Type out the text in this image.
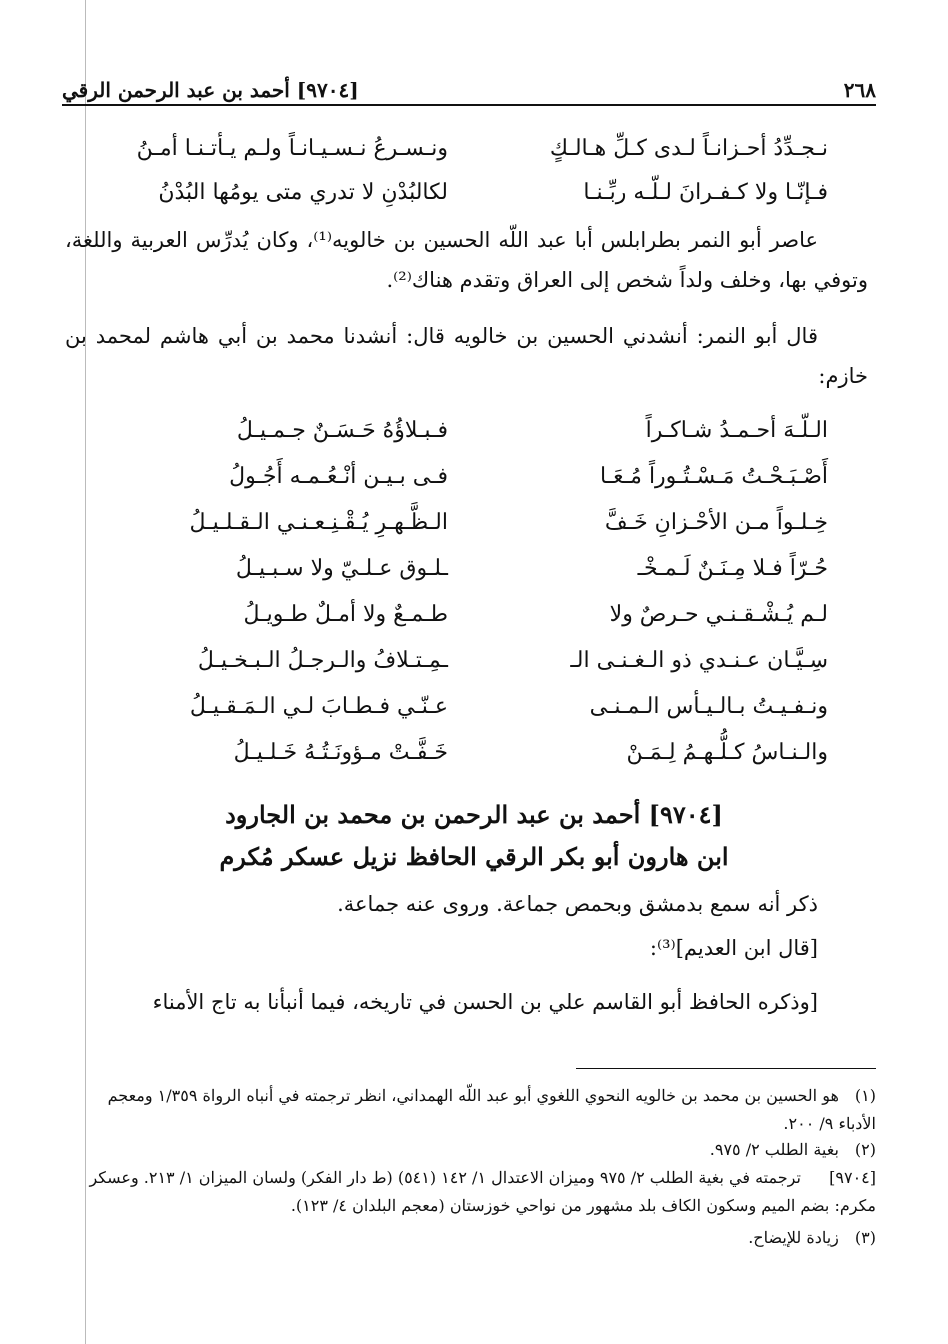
٢٦٨
[٩٧٠٤] أحمد بن عبد الرحمن الرقي
نـجـدِّدُ أحـزانـاً لـدى كـلِّ هـالـكٍ
ونـسـرعُ نـسـيـانـاً ولـم يـأتـنـا أمـنُ
فـإنّـا ولا كـفـرانَ لـلّـه ربِّـنـا
لكالبُدْنِ لا تدري متى يومُها البُدْنُ

عاصر أبو النمر بطرابلس أبا عبد اللّه الحسين بن خالويه⁽¹⁾، وكان يُدرِّس العربية واللغة، وتوفي بها، وخلف ولداً شخص إلى العراق وتقدم هناك⁽²⁾.

قال أبو النمر: أنشدني الحسين بن خالويه قال: أنشدنا محمد بن أبي هاشم لمحمد بن خازم:

الـلّـهَ أحـمـدُ شـاكـراً
فـبـلاؤُهُ حَـسَـنٌ جـمـيـلُ
أَصْـبَـحْـتُ مَـسْـتُـوراً مُـعَـا
فـى بـيـن أنْـعُـمـه أَجُـولُ
خِـلـواً مـن الأحْـزانِ خَـفَّ
الـظَّـهـرِ يُـقْـنِـعـنـي الـقـلـيـلُ
حُـرّاً فـلا مِـنَـنٌ لَـمـخْـ
ـلـوق عـلـيّ ولا سـبـيـلُ
لـم يُـشْـقـنـي حـرصٌ ولا
طـمـعٌ ولا أمـلٌ طـويـلُ
سِـيَّـان عـنـدي ذو الـغـنـى الـ
ـمِـتـلافُ والـرجـلُ الـبـخـيـلُ
ونـفـيـتُ بـالـيـأس الـمـنـى
عـنّـي فـطـابَ لـي الـمَـقـيـلُ
والـنـاسُ كـلُّـهـمُ لِـمَـنْ
خَـفَّـتْ مـؤونَـتُـهُ خَـلـيـلُ
[٩٧٠٤] أحمد بن عبد الرحمن بن محمد بن الجارود
ابن هارون أبو بكر الرقي الحافظ نزيل عسكر مُكرم
ذكر أنه سمع بدمشق وبحمص جماعة. وروى عنه جماعة.
[قال ابن العديم]⁽³⁾:
[وذكره الحافظ أبو القاسم علي بن الحسن في تاريخه، فيما أنبأنا به تاج الأمناء
(١) هو الحسين بن محمد بن خالويه النحوي اللغوي أبو عبد اللّه الهمداني، انظر ترجمته في أنباه الرواة ١/٣٥٩ ومعجم الأدباء ٩/ ٢٠٠.
(٢) بغية الطلب ٢/ ٩٧٥.
[٩٧٠٤] ترجمته في بغية الطلب ٢/ ٩٧٥ وميزان الاعتدال ١/ ١٤٢ (٥٤١) (ط دار الفكر) ولسان الميزان ١/ ٢١٣. وعسكر مكرم: بضم الميم وسكون الكاف بلد مشهور من نواحي خوزستان (معجم البلدان ٤/ ١٢٣).
(٣) زيادة للإيضاح.
